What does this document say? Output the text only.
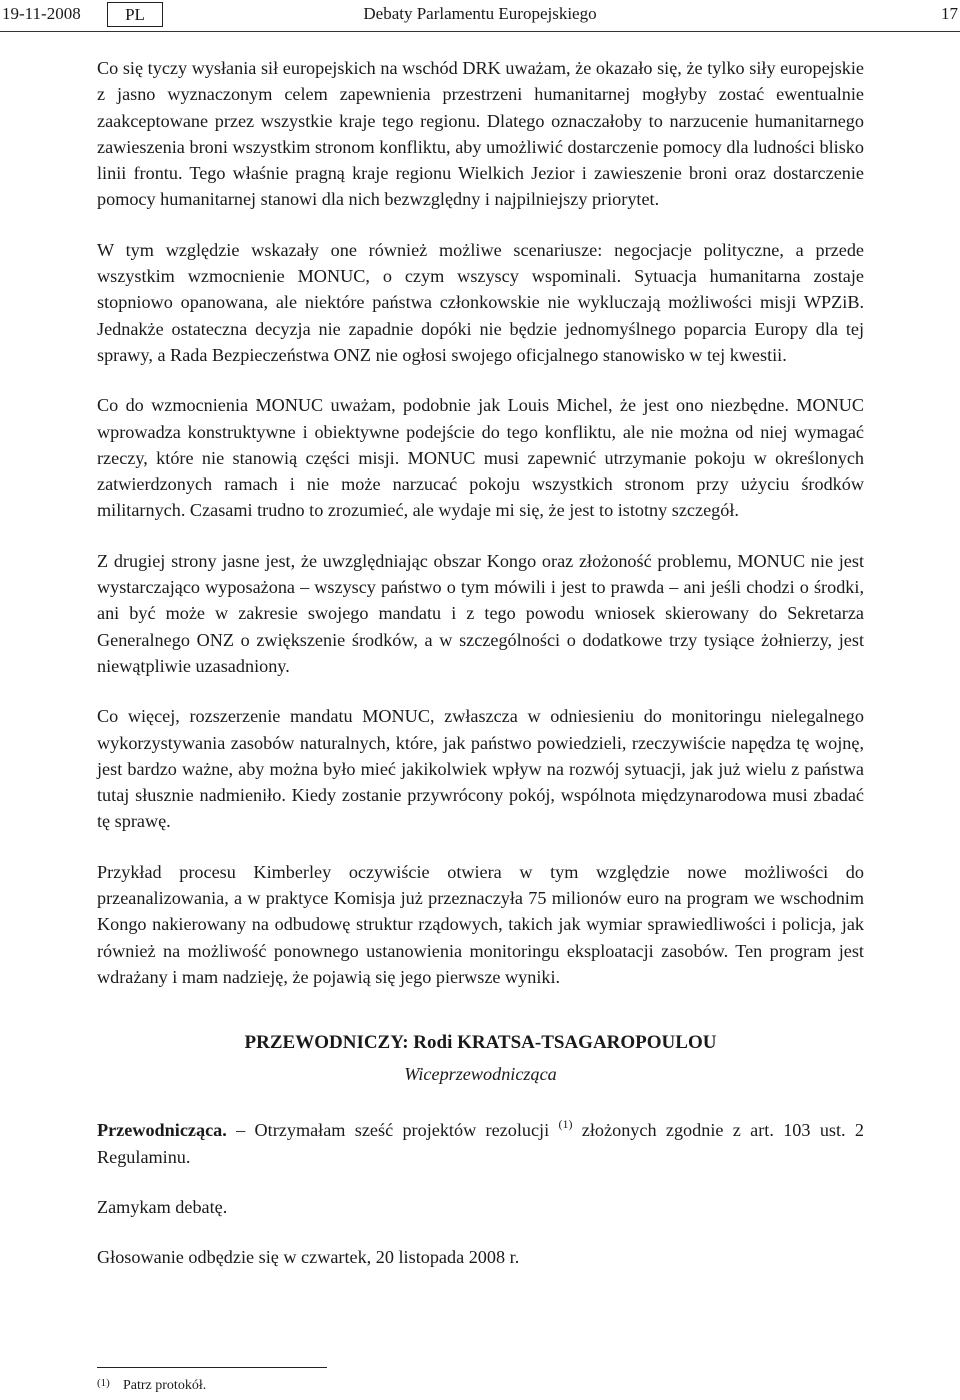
19-11-2008	PL	Debaty Parlamentu Europejskiego	17

Co się tyczy wysłania sił europejskich na wschód DRK uważam, że okazało się, że tylko siły europejskie z jasno wyznaczonym celem zapewnienia przestrzeni humanitarnej mogłyby zostać ewentualnie zaakceptowane przez wszystkie kraje tego regionu. Dlatego oznaczałoby to narzucenie humanitarnego zawieszenia broni wszystkim stronom konfliktu, aby umożliwić dostarczenie pomocy dla ludności blisko linii frontu. Tego właśnie pragną kraje regionu Wielkich Jezior i zawieszenie broni oraz dostarczenie pomocy humanitarnej stanowi dla nich bezwzględny i najpilniejszy priorytet.

W tym względzie wskazały one również możliwe scenariusze: negocjacje polityczne, a przede wszystkim wzmocnienie MONUC, o czym wszyscy wspominali. Sytuacja humanitarna zostaje stopniowo opanowana, ale niektóre państwa członkowskie nie wykluczają możliwości misji WPZiB. Jednakże ostateczna decyzja nie zapadnie dopóki nie będzie jednomyślnego poparcia Europy dla tej sprawy, a Rada Bezpieczeństwa ONZ nie ogłosi swojego oficjalnego stanowisko w tej kwestii.

Co do wzmocnienia MONUC uważam, podobnie jak Louis Michel, że jest ono niezbędne. MONUC wprowadza konstruktywne i obiektywne podejście do tego konfliktu, ale nie można od niej wymagać rzeczy, które nie stanowią części misji. MONUC musi zapewnić utrzymanie pokoju w określonych zatwierdzonych ramach i nie może narzucać pokoju wszystkich stronom przy użyciu środków militarnych. Czasami trudno to zrozumieć, ale wydaje mi się, że jest to istotny szczegół.

Z drugiej strony jasne jest, że uwzględniając obszar Kongo oraz złożoność problemu, MONUC nie jest wystarczająco wyposażona – wszyscy państwo o tym mówili i jest to prawda – ani jeśli chodzi o środki, ani być może w zakresie swojego mandatu i z tego powodu wniosek skierowany do Sekretarza Generalnego ONZ o zwiększenie środków, a w szczególności o dodatkowe trzy tysiące żołnierzy, jest niewątpliwie uzasadniony.

Co więcej, rozszerzenie mandatu MONUC, zwłaszcza w odniesieniu do monitoringu nielegalnego wykorzystywania zasobów naturalnych, które, jak państwo powiedzieli, rzeczywiście napędza tę wojnę, jest bardzo ważne, aby można było mieć jakikolwiek wpływ na rozwój sytuacji, jak już wielu z państwa tutaj słusznie nadmieniło. Kiedy zostanie przywrócony pokój, wspólnota międzynarodowa musi zbadać tę sprawę.

Przykład procesu Kimberley oczywiście otwiera w tym względzie nowe możliwości do przeanalizowania, a w praktyce Komisja już przeznaczyła 75 milionów euro na program we wschodnim Kongo nakierowany na odbudowę struktur rządowych, takich jak wymiar sprawiedliwości i policja, jak również na możliwość ponownego ustanowienia monitoringu eksploatacji zasobów. Ten program jest wdrażany i mam nadzieję, że pojawią się jego pierwsze wyniki.

PRZEWODNICZY: Rodi KRATSA-TSAGAROPOULOU

Wiceprzewodnicząca

Przewodnicząca. – Otrzymałam sześć projektów rezolucji $^{(1)}$ złożonych zgodnie z art. 103 ust. 2 Regulaminu.

Zamykam debatę.

Głosowanie odbędzie się w czwartek, 20 listopada 2008 r.

(1) Patrz protokół.
